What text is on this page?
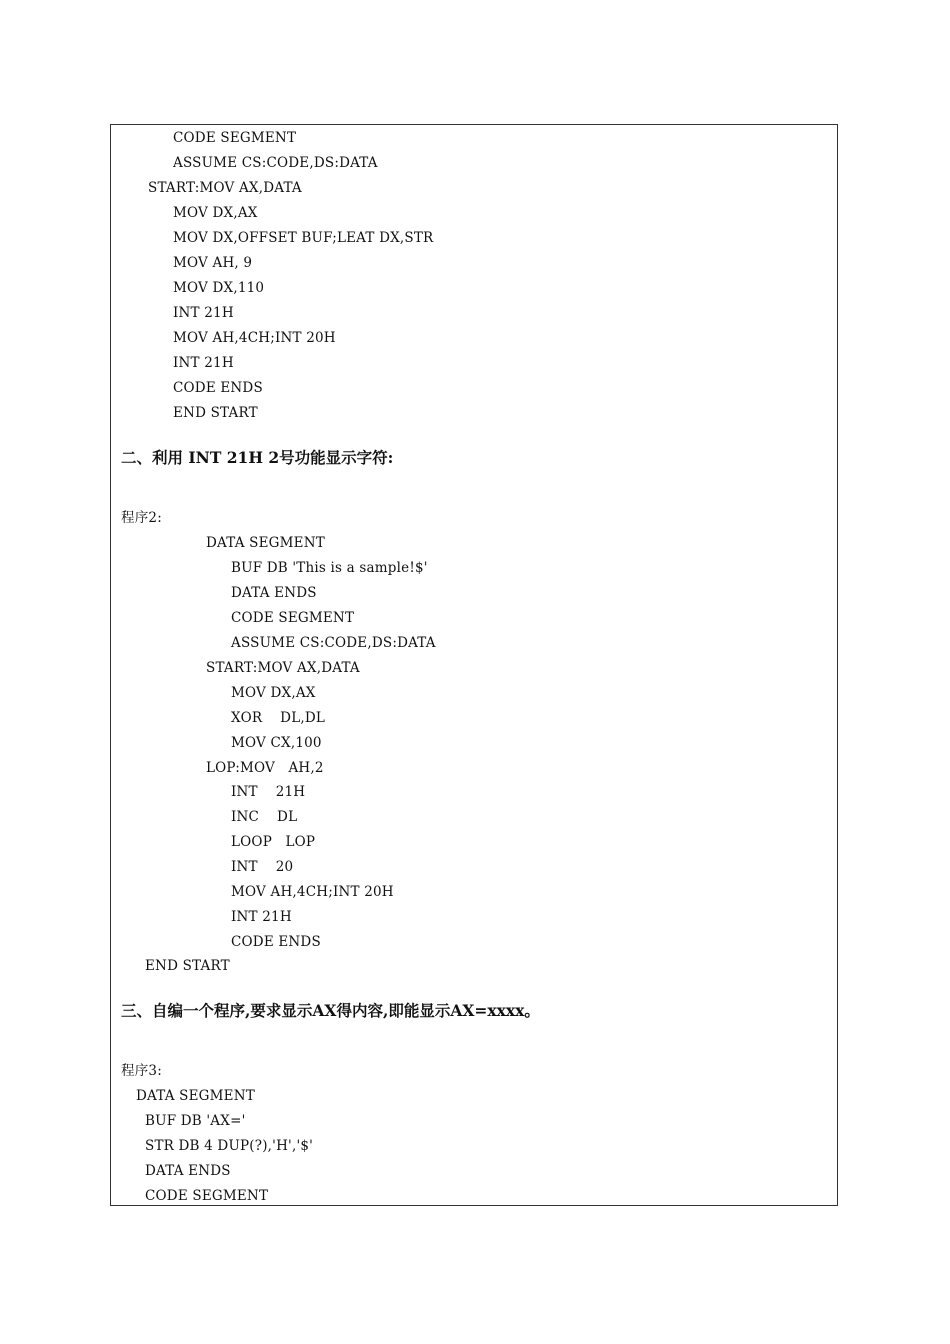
CODE SEGMENT
ASSUME CS:CODE,DS:DATA
START:MOV AX,DATA
MOV DX,AX
MOV DX,OFFSET BUF;LEAT DX,STR
MOV AH, 9
MOV DX,110
INT 21H
MOV AH,4CH;INT 20H
INT 21H
CODE ENDS
END START
二、利用 INT 21H 2号功能显示字符:
程序2:
DATA SEGMENT
BUF DB 'This is a sample!$'
DATA ENDS
CODE SEGMENT
ASSUME CS:CODE,DS:DATA
START:MOV AX,DATA
MOV DX,AX
XOR    DL,DL
MOV CX,100
LOP:MOV   AH,2
INT    21H
INC    DL
LOOP   LOP
INT    20
MOV AH,4CH;INT 20H
INT 21H
CODE ENDS
END START
三、自编一个程序,要求显示AX得内容,即能显示AX=xxxx。
程序3:
DATA SEGMENT
BUF DB 'AX='
STR DB 4 DUP(?),'H','$'
DATA ENDS
CODE SEGMENT
